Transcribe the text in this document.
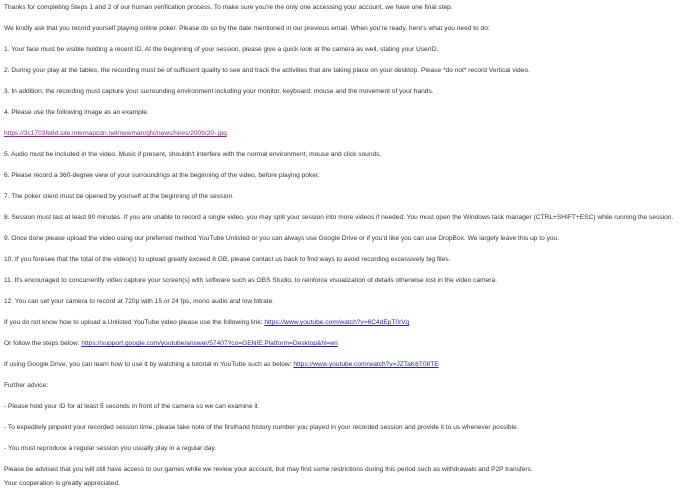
Thanks for completing Steps 1 and 2 of our human verification process. To make sure you're the only one accessing your account, we have one final step.
We kindly ask that you record yourself playing online poker. Please do so by the date mentioned in our previous email. When you're ready, here's what you need to do:
1. Your face must be visible holding a recent ID. At the beginning of your session, please give a quick look at the camera as well, stating your UserID.
2. During your play at the tables, the recording must be of sufficient quality to see and track the activities that are taking place on your desktop. Please *do not* record Vertical video.
3. In addition, the recording must capture your surrounding environment including your monitor, keyboard, mouse and the movement of your hands.
4. Please use the following image as an example.
https://3c1703fe8d.site.internapcdn.net/newman/gfx/news/hires/2009/20-.jpg
5. Audio must be included in the video. Music if present, shouldn't interfere with the normal environment, mouse and click sounds.
6. Please record a 360-degree view of your surroundings at the beginning of the video, before playing poker.
7. The poker client must be opened by yourself at the beginning of the session.
8. Session must last at least 90 minutes. If you are unable to record a single video, you may split your session into more videos if needed. You must open the Windows task manager (CTRL+SHIFT+ESC) while running the session.
9. Once done please upload the video using our preferred method YouTube Unlisted or you can always use Google Drive or if you'd like you can use DropBox. We largely leave this up to you.
10. If you foresee that the total of the video(s) to upload greatly exceed 8 GB, please contact us back to find ways to avoid recording excessively big files.
11. It's encouraged to concurrently video capture your screen(s) with software such as OBS Studio, to reinforce visualization of details otherwise lost in the video camera.
12. You can set your camera to record at 720p with 15 or 24 fps, mono audio and low bitrate.
If you do not know how to upload a Unlisted YouTube video please use the following link: https://www.youtube.com/watch?v=6C4dEpT0rVg
Or follow the steps below: https://support.google.com/youtube/answer/57407?co=GENIE.Platform=Desktop&hl=en
If using Google Drive, you can learn how to use it by watching a tutorial in YouTube such as below: https://www.youtube.com/watch?v=JZTaK6T08TE
Further advice:
- Please hold your ID for at least 5 seconds in front of the camera so we can examine it.
- To expeditely pinpoint your recorded session time, please take note of the firsthand history number you played in your recorded session and provide it to us whenever possible.
- You must reproduce a regular session you usually play in a regular day.
Please be advised that you will still have access to our games while we review your account, but may find some restrictions during this period such as withdrawals and P2P transfers.
Your cooperation is greatly appreciated.
